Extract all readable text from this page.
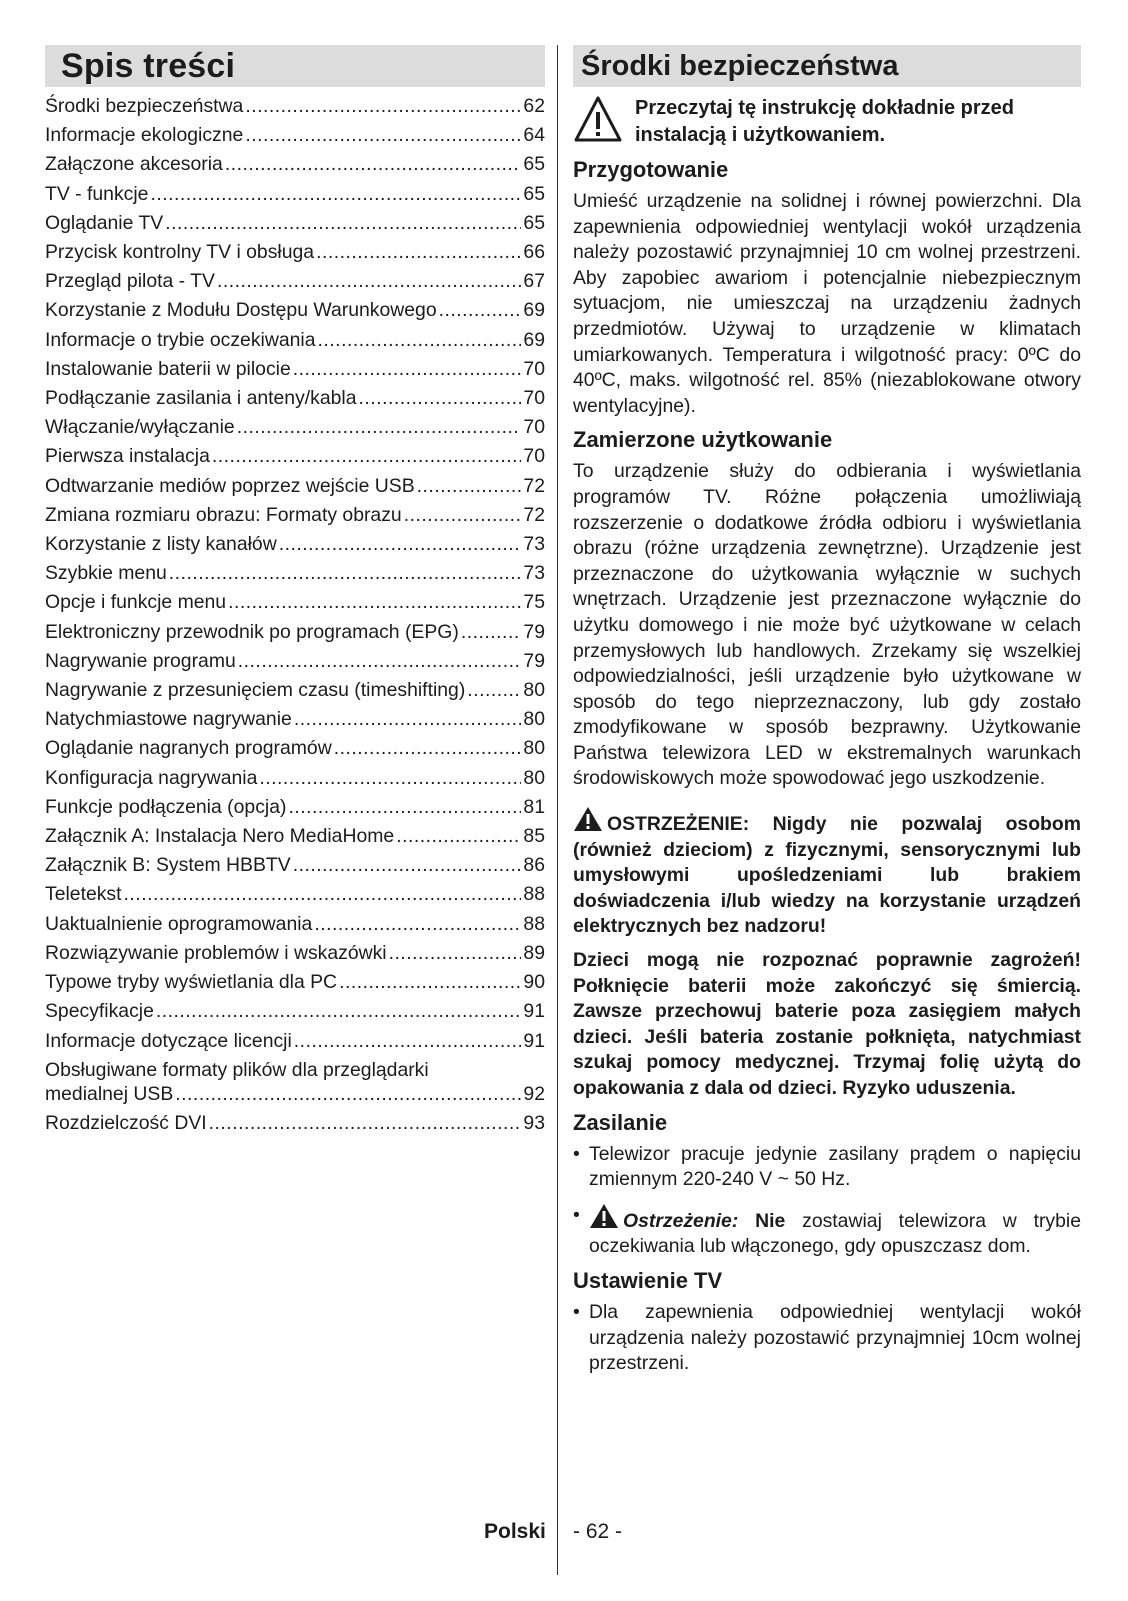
Spis treści
Środki bezpieczeństwa .....	62
Informacje ekologiczne .....	64
Załączone akcesoria .....	65
TV - funkcje .....	65
Oglądanie TV .....	65
Przycisk kontrolny TV i obsługa .....	66
Przegląd pilota - TV .....	67
Korzystanie z Modułu Dostępu Warunkowego .....	69
Informacje o trybie oczekiwania .....	69
Instalowanie baterii w pilocie .....	70
Podłączanie zasilania i anteny/kabla .....	70
Włączanie/wyłączanie .....	70
Pierwsza instalacja .....	70
Odtwarzanie mediów poprzez wejście USB .....	72
Zmiana rozmiaru obrazu: Formaty obrazu .....	72
Korzystanie z listy kanałów .....	73
Szybkie menu .....	73
Opcje i funkcje menu .....	75
Elektroniczny przewodnik po programach (EPG) .....	79
Nagrywanie programu .....	79
Nagrywanie z przesunięciem czasu (timeshifting) .....	80
Natychmiastowe nagrywanie .....	80
Oglądanie nagranych programów .....	80
Konfiguracja nagrywania .....	80
Funkcje podłączenia (opcja) .....	81
Załącznik A: Instalacja Nero MediaHome .....	85
Załącznik B: System HBBTV .....	86
Teletekst .....	88
Uaktualnienie oprogramowania .....	88
Rozwiązywanie problemów i wskazówki .....	89
Typowe tryby wyświetlania dla PC .....	90
Specyfikacje .....	91
Informacje dotyczące licencji .....	91
Obsługiwane formaty plików dla przeglądarki
medialnej USB .....	92
Rozdzielczość DVI .....	93
Środki bezpieczeństwa
Przeczytaj tę instrukcję dokładnie przed instalacją i użytkowaniem.
Przygotowanie

Umieść urządzenie na solidnej i równej powierzchni. Dla zapewnienia odpowiedniej wentylacji wokół urządzenia należy pozostawić przynajmniej 10 cm wolnej przestrzeni. Aby zapobiec awariom i potencjalnie niebezpiecznym sytuacjom, nie umieszczaj na urządzeniu żadnych przedmiotów. Używaj to urządzenie w klimatach umiarkowanych. Temperatura i wilgotność pracy: 0ºC do 40ºC, maks. wilgotność rel. 85% (niezablokowane otwory wentylacyjne).

Zamierzone użytkowanie

To urządzenie służy do odbierania i wyświetlania programów TV. Różne połączenia umożliwiają rozszerzenie o dodatkowe źródła odbioru i wyświetlania obrazu (różne urządzenia zewnętrzne). Urządzenie jest przeznaczone do użytkowania wyłącznie w suchych wnętrzach. Urządzenie jest przeznaczone wyłącznie do użytku domowego i nie może być użytkowane w celach przemysłowych lub handlowych. Zrzekamy się wszelkiej odpowiedzialności, jeśli urządzenie było użytkowane w sposób do tego nieprzeznaczony, lub gdy zostało zmodyfikowane w sposób bezprawny. Użytkowanie Państwa telewizora LED w ekstremalnych warunkach środowiskowych może spowodować jego uszkodzenie.

OSTRZEŻENIE: Nigdy nie pozwalaj osobom (również dzieciom) z fizycznymi, sensorycznymi lub umysłowymi upośledzeniami lub brakiem doświadczenia i/lub wiedzy na korzystanie urządzeń elektrycznych bez nadzoru!

Dzieci mogą nie rozpoznać poprawnie zagrożeń! Połknięcie baterii może zakończyć się śmiercią. Zawsze przechowuj baterie poza zasięgiem małych dzieci. Jeśli bateria zostanie połknięta, natychmiast szukaj pomocy medycznej. Trzymaj folię użytą do opakowania z dala od dzieci. Ryzyko uduszenia.

Zasilanie
• Telewizor pracuje jedynie zasilany prądem o napięciu zmiennym 220-240 V ~ 50 Hz.
•	Ostrzeżenie: Nie zostawiaj telewizora w trybie oczekiwania lub włączonego, gdy opuszczasz dom.
Ustawienie TV
• Dla zapewnienia odpowiedniej wentylacji wokół urządzenia należy pozostawić przynajmniej 10cm wolnej przestrzeni.
Polski - 62 -
